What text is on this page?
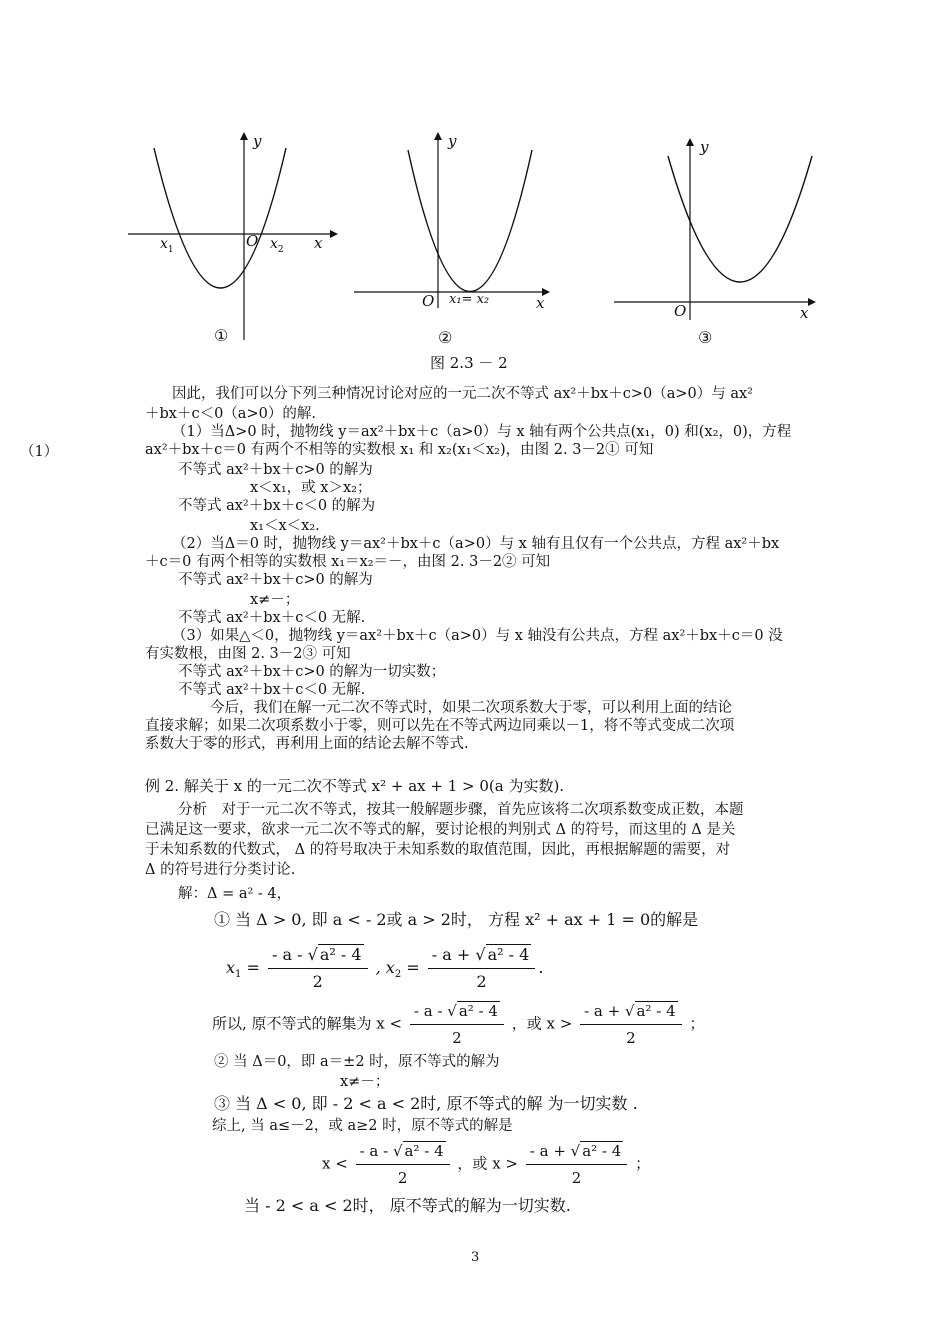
y
x
O
$x_1$	$x_2$
①
y
x
O x₁= x₂
②
y
x
O
③
图 2.3 － 2
（1）
因此，我们可以分下列三种情况讨论对应的一元二次不等式 ax²＋bx＋c>0（a>0）与 ax²
＋bx＋c＜0（a>0）的解.
（1）当Δ>0 时，抛物线 y＝ax²＋bx＋c（a>0）与 x 轴有两个公共点(x₁，0) 和(x₂，0)，方程
ax²＋bx＋c＝0 有两个不相等的实数根 x₁ 和 x₂(x₁＜x₂)，由图 2. 3－2① 可知
不等式 ax²＋bx＋c>0 的解为
x＜x₁，或 x＞x₂；
不等式 ax²＋bx＋c＜0 的解为
x₁＜x＜x₂.
（2）当Δ＝0 时，抛物线 y＝ax²＋bx＋c（a>0）与 x 轴有且仅有一个公共点，方程 ax²＋bx
＋c＝0 有两个相等的实数根 x₁＝x₂＝－，由图 2. 3－2② 可知
不等式 ax²＋bx＋c>0 的解为
x≠－；
不等式 ax²＋bx＋c＜0 无解.
（3）如果△＜0，抛物线 y＝ax²＋bx＋c（a>0）与 x 轴没有公共点，方程 ax²＋bx＋c＝0 没
有实数根，由图 2. 3－2③ 可知
不等式 ax²＋bx＋c>0 的解为一切实数；
不等式 ax²＋bx＋c＜0 无解.
今后，我们在解一元二次不等式时，如果二次项系数大于零，可以利用上面的结论
直接求解；如果二次项系数小于零，则可以先在不等式两边同乘以－1，将不等式变成二次项
系数大于零的形式，再利用上面的结论去解不等式.
例 2. 解关于 x 的一元二次不等式 x² + ax + 1 > 0(a 为实数).
分析　对于一元二次不等式，按其一般解题步骤，首先应该将二次项系数变成正数，本题
已满足这一要求，欲求一元二次不等式的解，要讨论根的判别式 Δ 的符号，而这里的 Δ 是关
于未知系数的代数式， Δ 的符号取决于未知系数的取值范围，因此，再根据解题的需要，对
Δ 的符号进行分类讨论.
解：Δ = a² - 4，
① 当 Δ > 0, 即 a < - 2或 a > 2时， 方程 x² + ax + 1 = 0的解是
$x_1 = \frac{\text{- a - √ a² - 4}}{2}$ , $x_2 = \frac{\text{- a + √ a² - 4}}{2}$ .
所以, 原不等式的解集为 $x < \frac{\text{- a - √ a² - 4}}{2}$ ，或 $x > \frac{\text{- a + √ a² - 4}}{2}$ ；
② 当 Δ＝0，即 a＝±2 时，原不等式的解为
x≠－；
③ 当 Δ < 0, 即 - 2 < a < 2时, 原不等式的解 为一切实数 .
综上, 当 a≤－2，或 a≥2 时，原不等式的解是
$x < \frac{\text{- a - √ a² - 4}}{2}$ ，或 $x > \frac{\text{- a + √ a² - 4}}{2}$ ；
当 - 2 < a < 2时， 原不等式的解为一切实数.
3
